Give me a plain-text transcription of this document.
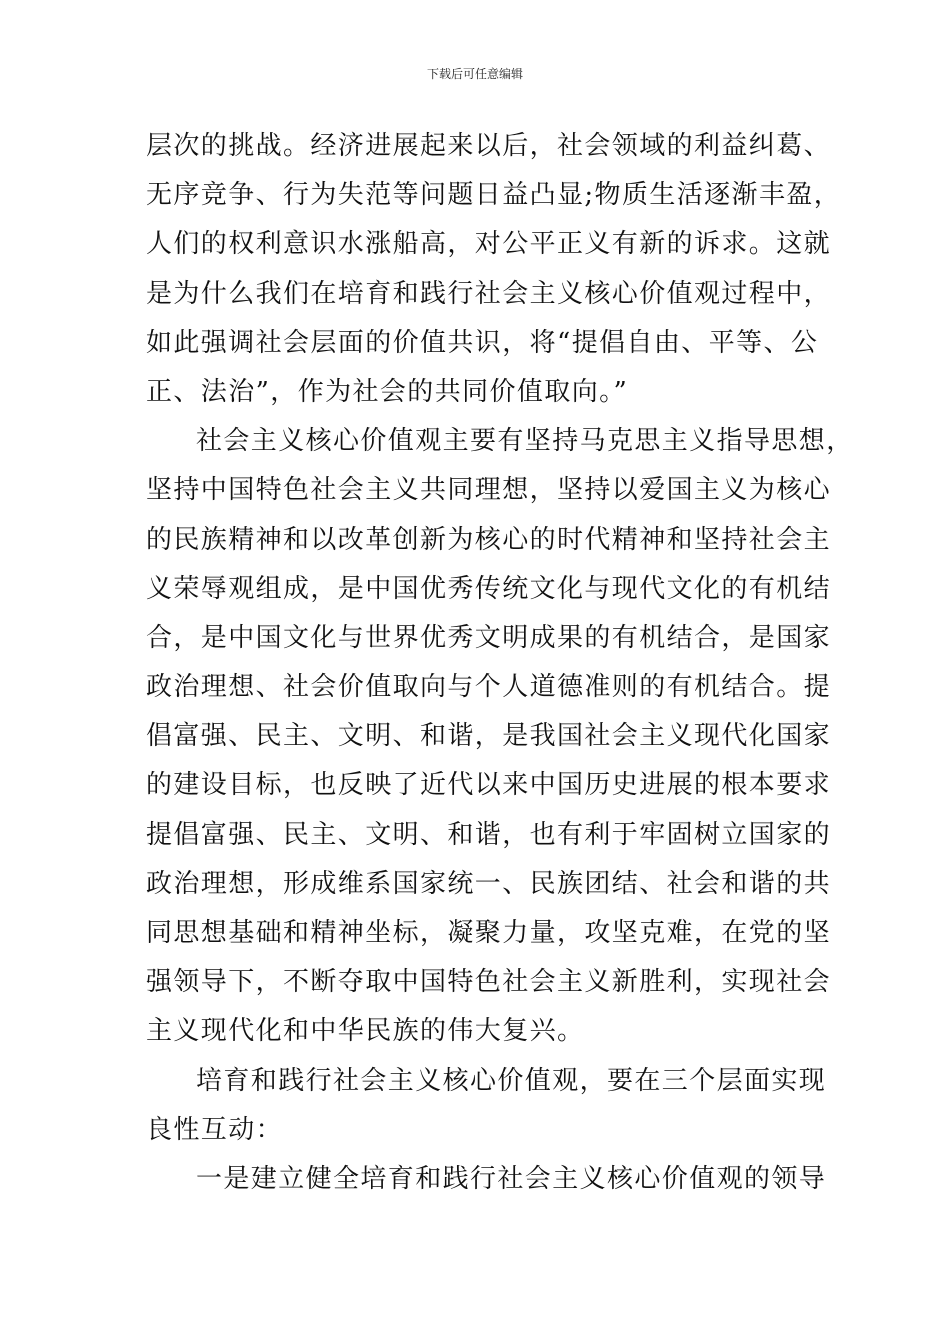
下载后可任意编辑
层次的挑战。经济进展起来以后，社会领域的利益纠葛、
无序竞争、行为失范等问题日益凸显;物质生活逐渐丰盈，
人们的权利意识水涨船高，对公平正义有新的诉求。这就
是为什么我们在培育和践行社会主义核心价值观过程中，
如此强调社会层面的价值共识，将“提倡自由、平等、公
正、法治”，作为社会的共同价值取向。”
社会主义核心价值观主要有坚持马克思主义指导思想，
坚持中国特色社会主义共同理想，坚持以爱国主义为核心
的民族精神和以改革创新为核心的时代精神和坚持社会主
义荣辱观组成，是中国优秀传统文化与现代文化的有机结
合，是中国文化与世界优秀文明成果的有机结合，是国家
政治理想、社会价值取向与个人道德准则的有机结合。提
倡富强、民主、文明、和谐，是我国社会主义现代化国家
的建设目标，也反映了近代以来中国历史进展的根本要求
提倡富强、民主、文明、和谐，也有利于牢固树立国家的
政治理想，形成维系国家统一、民族团结、社会和谐的共
同思想基础和精神坐标，凝聚力量，攻坚克难，在党的坚
强领导下，不断夺取中国特色社会主义新胜利，实现社会
主义现代化和中华民族的伟大复兴。
培育和践行社会主义核心价值观，要在三个层面实现
良性互动：
一是建立健全培育和践行社会主义核心价值观的领导
